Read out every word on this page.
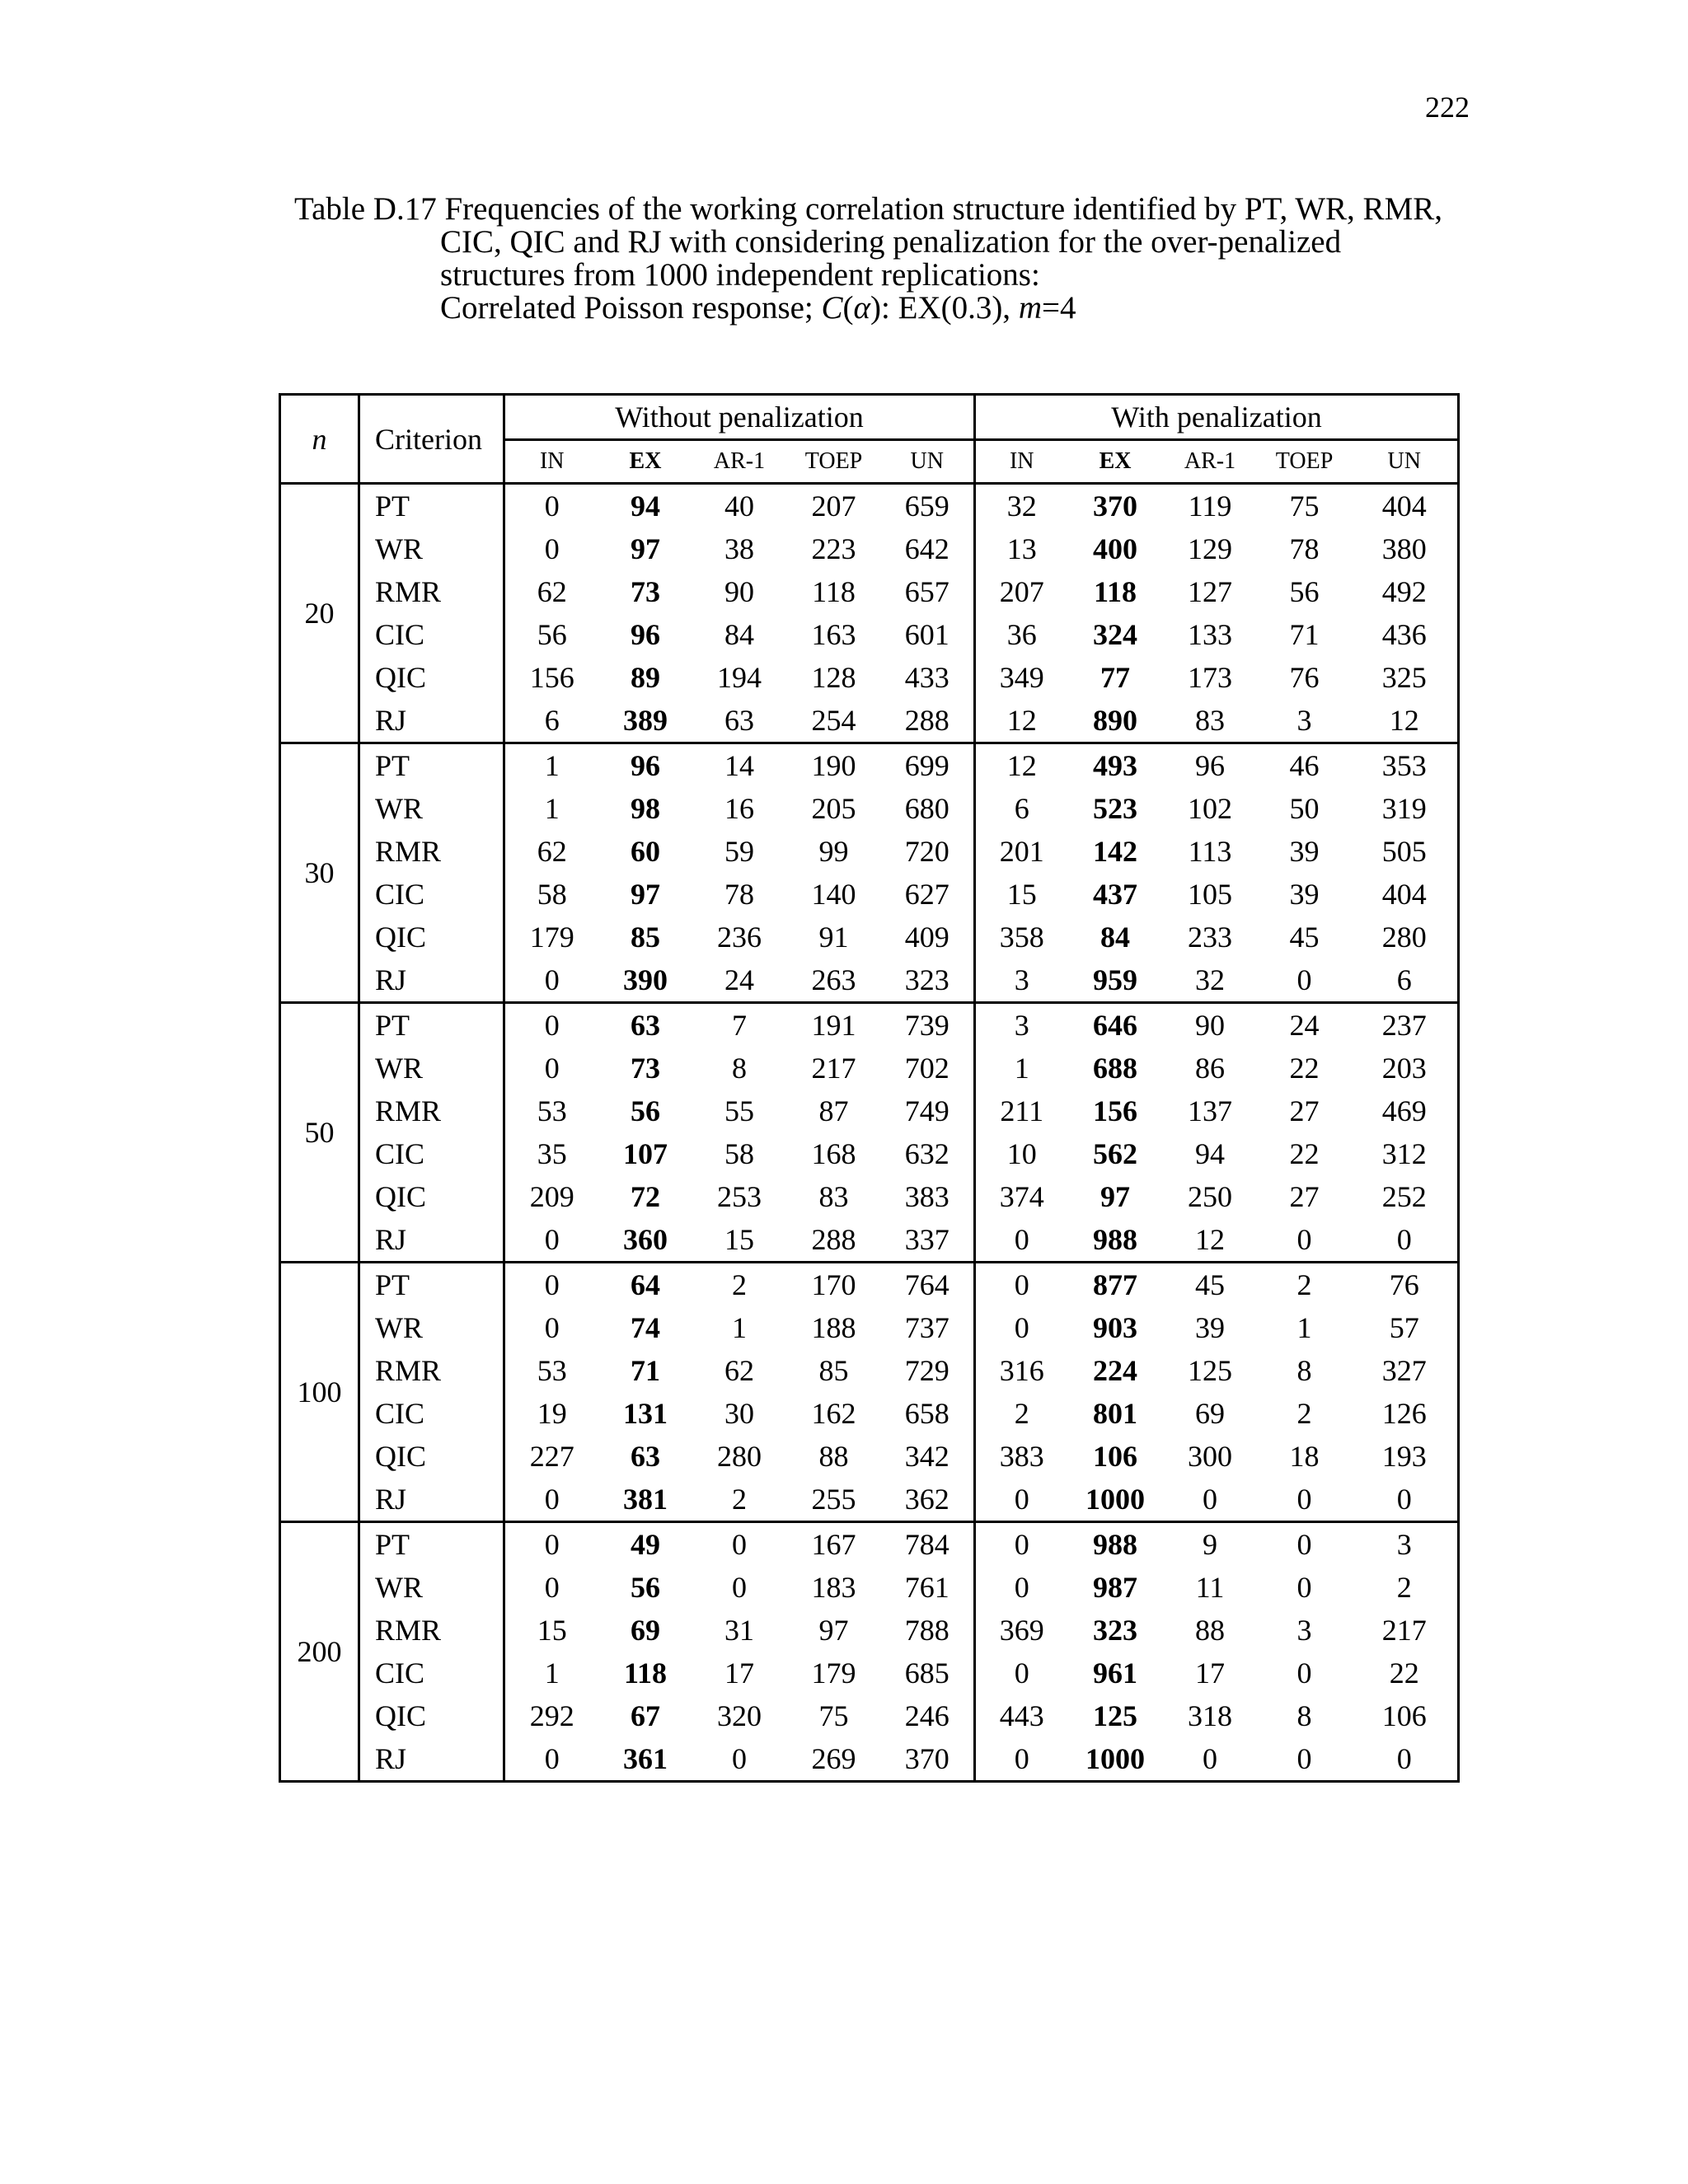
222
Table D.17 Frequencies of the working correlation structure identified by PT, WR, RMR,
CIC, QIC and RJ with considering penalization for the over-penalized
structures from 1000 independent replications:
Correlated Poisson response; C(α): EX(0.3), m=4
n	Criterion	Without penalization					With penalization				
		IN	EX	AR-1	TOEP	UN	IN	EX	AR-1	TOEP	UN
20	PT	0	94	40	207	659	32	370	119	75	404
	WR	0	97	38	223	642	13	400	129	78	380
	RMR	62	73	90	118	657	207	118	127	56	492
	CIC	56	96	84	163	601	36	324	133	71	436
	QIC	156	89	194	128	433	349	77	173	76	325
	RJ	6	389	63	254	288	12	890	83	3	12
30	PT	1	96	14	190	699	12	493	96	46	353
	WR	1	98	16	205	680	6	523	102	50	319
	RMR	62	60	59	99	720	201	142	113	39	505
	CIC	58	97	78	140	627	15	437	105	39	404
	QIC	179	85	236	91	409	358	84	233	45	280
	RJ	0	390	24	263	323	3	959	32	0	6
50	PT	0	63	7	191	739	3	646	90	24	237
	WR	0	73	8	217	702	1	688	86	22	203
	RMR	53	56	55	87	749	211	156	137	27	469
	CIC	35	107	58	168	632	10	562	94	22	312
	QIC	209	72	253	83	383	374	97	250	27	252
	RJ	0	360	15	288	337	0	988	12	0	0
100	PT	0	64	2	170	764	0	877	45	2	76
	WR	0	74	1	188	737	0	903	39	1	57
	RMR	53	71	62	85	729	316	224	125	8	327
	CIC	19	131	30	162	658	2	801	69	2	126
	QIC	227	63	280	88	342	383	106	300	18	193
	RJ	0	381	2	255	362	0	1000	0	0	0
200	PT	0	49	0	167	784	0	988	9	0	3
	WR	0	56	0	183	761	0	987	11	0	2
	RMR	15	69	31	97	788	369	323	88	3	217
	CIC	1	118	17	179	685	0	961	17	0	22
	QIC	292	67	320	75	246	443	125	318	8	106
	RJ	0	361	0	269	370	0	1000	0	0	0
